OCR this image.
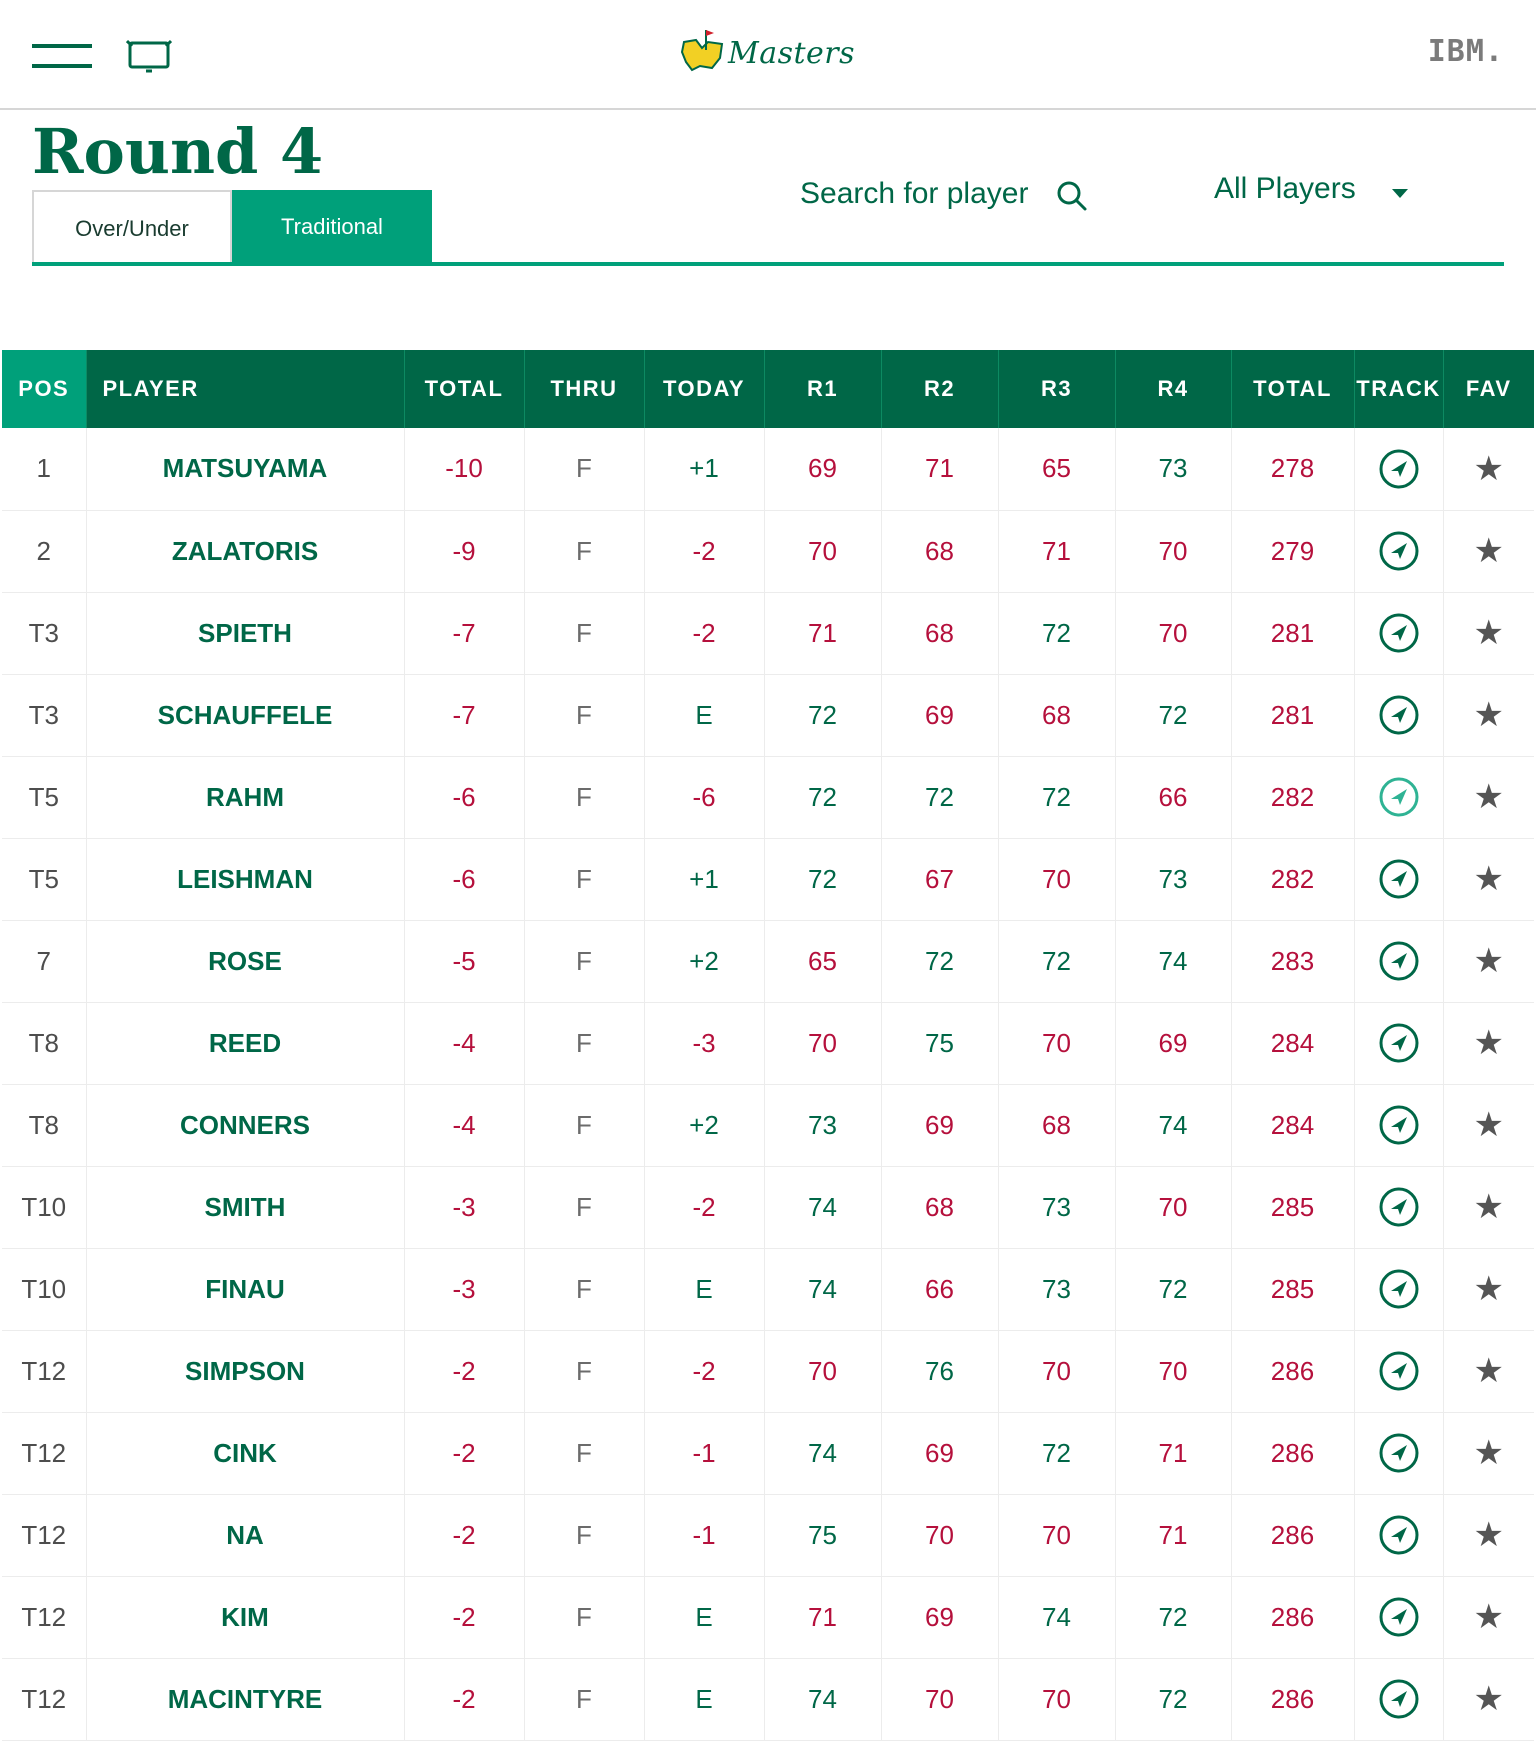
Masters	IBM.
Round 4
Over/Under	Traditional
Search for player
All Players
POS	PLAYER	TOTAL	THRU	TODAY	R1	R2	R3	R4	TOTAL	TRACK	FAV
1	MATSUYAMA	-10	F	+1	69	71	65	73	278		★
2	ZALATORIS	-9	F	-2	70	68	71	70	279		★
T3	SPIETH	-7	F	-2	71	68	72	70	281		★
T3	SCHAUFFELE	-7	F	E	72	69	68	72	281		★
T5	RAHM	-6	F	-6	72	72	72	66	282		★
T5	LEISHMAN	-6	F	+1	72	67	70	73	282		★
7	ROSE	-5	F	+2	65	72	72	74	283		★
T8	REED	-4	F	-3	70	75	70	69	284		★
T8	CONNERS	-4	F	+2	73	69	68	74	284		★
T10	SMITH	-3	F	-2	74	68	73	70	285		★
T10	FINAU	-3	F	E	74	66	73	72	285		★
T12	SIMPSON	-2	F	-2	70	76	70	70	286		★
T12	CINK	-2	F	-1	74	69	72	71	286		★
T12	NA	-2	F	-1	75	70	70	71	286		★
T12	KIM	-2	F	E	71	69	74	72	286		★
T12	MACINTYRE	-2	F	E	74	70	70	72	286		★
